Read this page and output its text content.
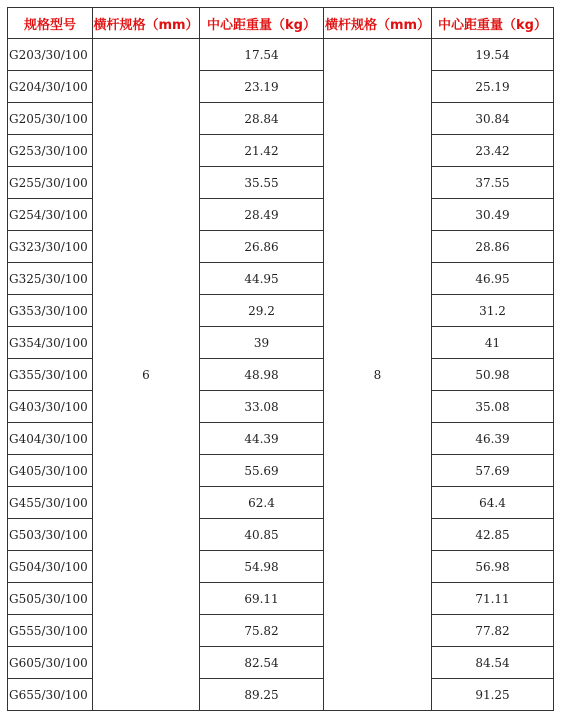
规格型号	横杆规格（mm）	中心距重量（kg）	横杆规格（mm）	中心距重量（kg）
G203/30/100	6	17.54	8	19.54
G204/30/100		23.19		25.19
G205/30/100		28.84		30.84
G253/30/100		21.42		23.42
G255/30/100		35.55		37.55
G254/30/100		28.49		30.49
G323/30/100		26.86		28.86
G325/30/100		44.95		46.95
G353/30/100		29.2		31.2
G354/30/100		39		41
G355/30/100		48.98		50.98
G403/30/100		33.08		35.08
G404/30/100		44.39		46.39
G405/30/100		55.69		57.69
G455/30/100		62.4		64.4
G503/30/100		40.85		42.85
G504/30/100		54.98		56.98
G505/30/100		69.11		71.11
G555/30/100		75.82		77.82
G605/30/100		82.54		84.54
G655/30/100		89.25		91.25
